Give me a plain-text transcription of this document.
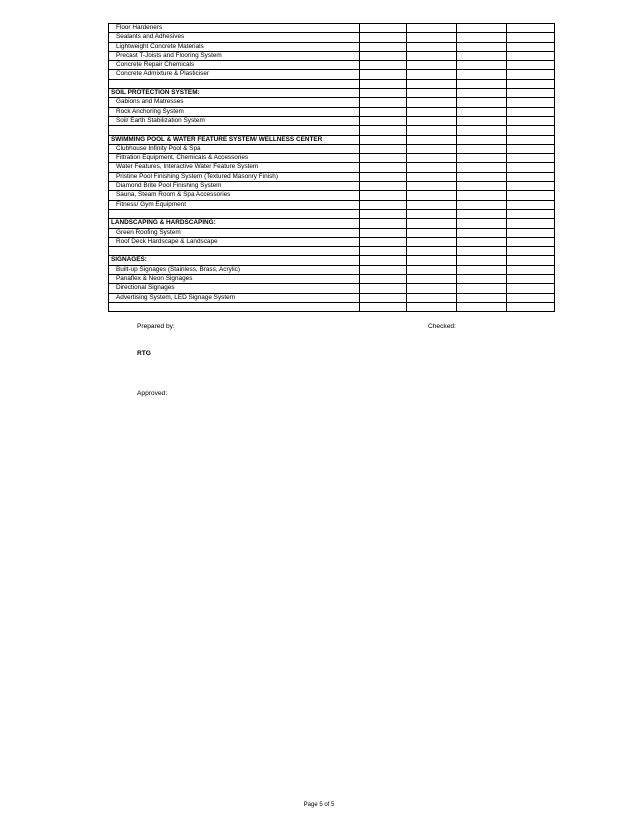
Floor Hardeners				
Sealants and Adhesives				
Lightweight Concrete Materials				
Precast T-Joists and Flooring System				
Concrete Repair Chemicals				
Concrete Admixture & Plasticiser				

SOIL PROTECTION SYSTEM:				
Gabions and Matresses				
Rock Anchoring System				
Soil/ Earth Stabilization System				

SWIMMING POOL & WATER FEATURE SYSTEM/ WELLNESS CENTER				
Clubhouse Infinity Pool & Spa				
Filtration Equipment, Chemicals & Accessories				
Water Features, Interactive Water Feature System				
Pristine Pool Finishing System (Textured Masonry Finish)				
Diamond Brite Pool Finishing System				
Sauna, Steam Room & Spa Accessories				
Fitness/ Gym Equipment				

LANDSCAPING & HARDSCAPING:				
Green Roofing System				
Roof Deck Hardscape & Landscape				

SIGNAGES:				
Built-up Signages (Stainless, Brass, Acrylic)				
Panaflex & Neon Signages				
Directional Signages				
Advertising System, LED Signage System				

Prepared by:	Checked:
RTG
Approved:
Page 5 of 5
